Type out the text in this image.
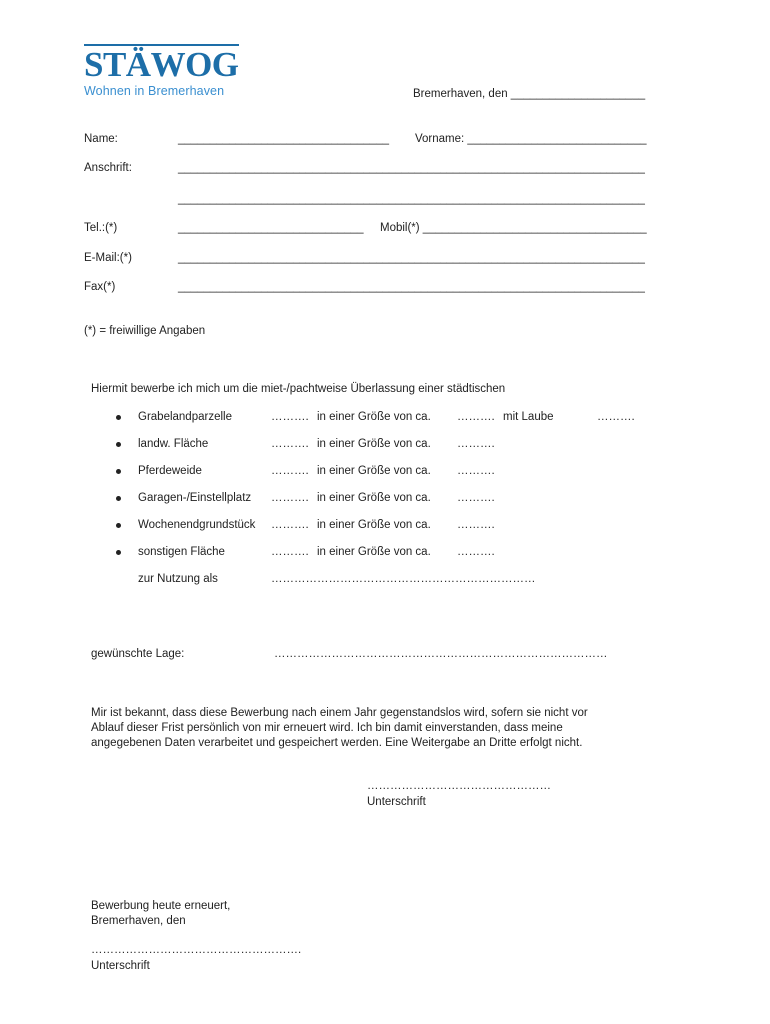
STÄWOG
Wohnen in Bremerhaven	Bremerhaven, den _____________________
Name:	_________________________________ Vorname: ____________________________
Anschrift:	_________________________________________________________________________
_________________________________________________________________________
Tel.:(*)	_____________________________ Mobil(*) ___________________________________
E-Mail:(*)	_________________________________________________________________________
Fax(*)	_________________________________________________________________________
(*) = freiwillige Angaben
Hiermit bewerbe ich mich um die miet-/pachtweise Überlassung einer städtischen
Grabelandparzelle	………. in einer Größe von ca. ………. mit Laube	……….
landw. Fläche	………. in einer Größe von ca. ……….
Pferdeweide	………. in einer Größe von ca. ……….
Garagen-/Einstellplatz ………. in einer Größe von ca. ……….
Wochenendgrundstück ………. in einer Größe von ca. ……….
sonstigen Fläche	………. in einer Größe von ca. ……….
zur Nutzung als	……………………………………………………………
gewünschte Lage:	……………………………………………………………………………
Mir ist bekannt, dass diese Bewerbung nach einem Jahr gegenstandslos wird, sofern sie nicht vor
Ablauf dieser Frist persönlich von mir erneuert wird. Ich bin damit einverstanden, dass meine
angegebenen Daten verarbeitet und gespeichert werden. Eine Weitergabe an Dritte erfolgt nicht.
…………………………………………
Unterschrift
Bewerbung heute erneuert,
Bremerhaven, den
……………………………………………….
Unterschrift
